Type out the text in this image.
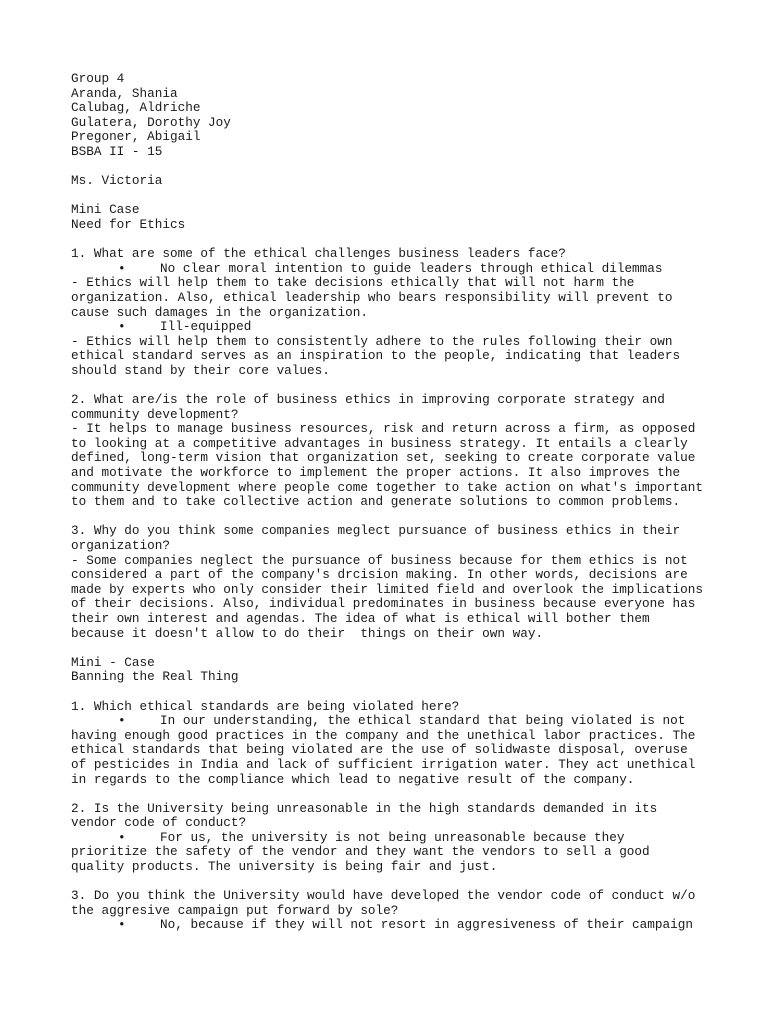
Group 4
Aranda, Shania
Calubag, Aldriche
Gulatera, Dorothy Joy
Pregoner, Abigail
BSBA II - 15
Ms. Victoria
Mini Case
Need for Ethics
1. What are some of the ethical challenges business leaders face?
•	No clear moral intention to guide leaders through ethical dilemmas
- Ethics will help them to take decisions ethically that will not harm the
organization. Also, ethical leadership who bears responsibility will prevent to
cause such damages in the organization.
•	Ill-equipped
- Ethics will help them to consistently adhere to the rules following their own
ethical standard serves as an inspiration to the people, indicating that leaders
should stand by their core values.
2. What are/is the role of business ethics in improving corporate strategy and
community development?
- It helps to manage business resources, risk and return across a firm, as opposed
to looking at a competitive advantages in business strategy. It entails a clearly
defined, long-term vision that organization set, seeking to create corporate value
and motivate the workforce to implement the proper actions. It also improves the
community development where people come together to take action on what's important
to them and to take collective action and generate solutions to common problems.
3. Why do you think some companies meglect pursuance of business ethics in their
organization?
- Some companies neglect the pursuance of business because for them ethics is not
considered a part of the company's drcision making. In other words, decisions are
made by experts who only consider their limited field and overlook the implications
of their decisions. Also, individual predominates in business because everyone has
their own interest and agendas. The idea of what is ethical will bother them
because it doesn't allow to do their  things on their own way.
Mini - Case
Banning the Real Thing
1. Which ethical standards are being violated here?
•	In our understanding, the ethical standard that being violated is not
having enough good practices in the company and the unethical labor practices. The
ethical standards that being violated are the use of solidwaste disposal, overuse
of pesticides in India and lack of sufficient irrigation water. They act unethical
in regards to the compliance which lead to negative result of the company.
2. Is the University being unreasonable in the high standards demanded in its
vendor code of conduct?
•	For us, the university is not being unreasonable because they
prioritize the safety of the vendor and they want the vendors to sell a good
quality products. The university is being fair and just.
3. Do you think the University would have developed the vendor code of conduct w/o
the aggresive campaign put forward by sole?
•	No, because if they will not resort in aggresiveness of their campaign
